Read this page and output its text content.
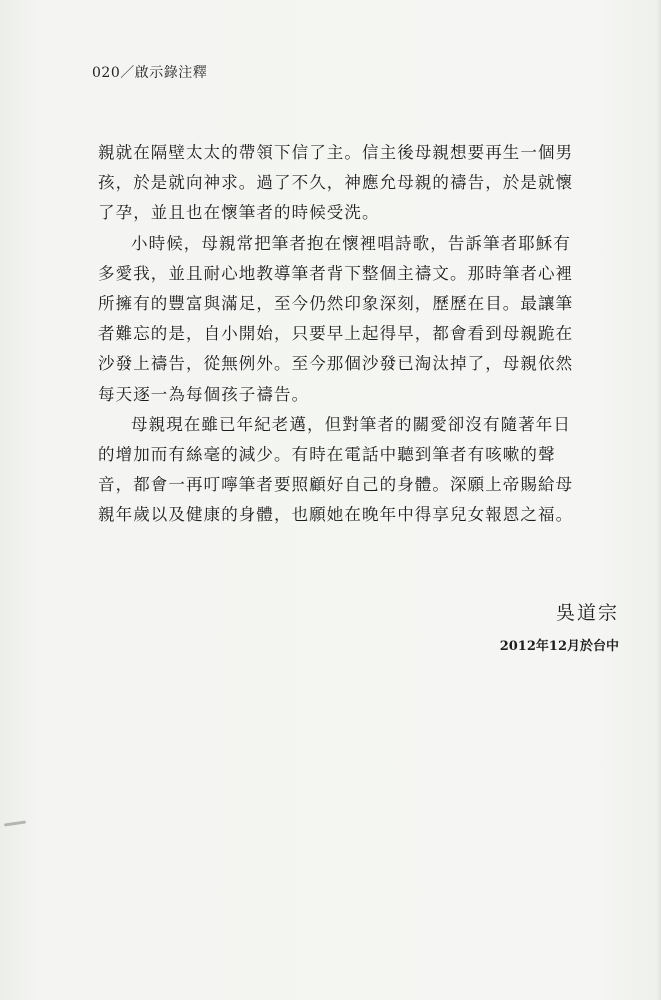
020／啟示錄注釋

親就在隔壁太太的帶領下信了主。信主後母親想要再生一個男
孩，於是就向神求。過了不久，神應允母親的禱告，於是就懷
了孕，並且也在懷筆者的時候受洗。

小時候，母親常把筆者抱在懷裡唱詩歌，告訴筆者耶穌有
多愛我，並且耐心地教導筆者背下整個主禱文。那時筆者心裡
所擁有的豐富與滿足，至今仍然印象深刻，歷歷在目。最讓筆
者難忘的是，自小開始，只要早上起得早，都會看到母親跪在
沙發上禱告，從無例外。至今那個沙發已淘汰掉了，母親依然
每天逐一為每個孩子禱告。

母親現在雖已年紀老邁，但對筆者的關愛卻沒有隨著年日
的增加而有絲毫的減少。有時在電話中聽到筆者有咳嗽的聲
音，都會一再叮嚀筆者要照顧好自己的身體。深願上帝賜給母
親年歲以及健康的身體，也願她在晚年中得享兒女報恩之福。

吳道宗
2012年12月於台中
